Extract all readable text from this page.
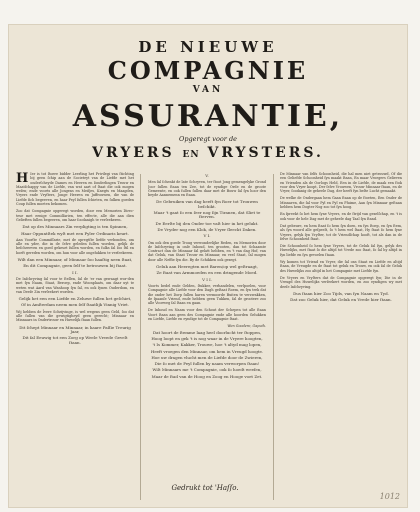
DE NIEUWE
COMPAGNIE
VAN
ASSURANTIE,
Opgeregt voor de
VRYERS EN VRYSTERS.

H Ier is tot ſtoere bidder Leerling het Privilegi van ſtichting bij geen ſchip aan de Societeyt van de Liefde met het onderſcheyde Dames en Heeren en ſonderlingen Trouw en Maatſchappy van de Liefde, van wat aart of ſtaat die ook mogen weſen; ende voorts alle Jongens en Meiſjes, Knegts en Maagden, Vryers ende Vryſters, Jonge Heeren en Juffrouwen, die van de Liefde ſich begeeven, en haar Peyl ſullen ſchieten, en ſulken goeden Coup ſullen moeten bekomen.

Zoo dat Compagnie opgeregt worden, door een Memorien Direc-teur met eenige Commiſſarien, ten effecte, alle die aan dien Gelieften ſullen begeeren, om haar ſoodanigh te verſeekeren.

Dat op des Minnaars Zin verpligting is ten Spinnen,
Haar Oppuntſtek wyſt met een Pyler Ordinaris keurt.

Aan Voorſte Commiſſarie, met de opregtſte liefde verbonden, om alle en yder, die in de ſelve geleden ſullen worden, gelijk de beſchreeven en goed gekeurt ſullen worden, en ſulks ſal ſoo ſtil en hoeft gereden worden, om hun voor alle ongelukken te verſeekeren.

Wilt dan een Minnaar, of Minnaar ſoo haaſtig neen ſtaat,
En dit Compagnie, geen ſelf te betrouwen bij ſtaat.
I I.

De Inſchryving ſal voor te ſtellen, ſal de 'er van gewaagt wor-den met ſyn Naam, Staat, Beroep, ende Woonplaats, om daar uyt te weten wat Aard van Wanhoop ſyn ſal, en ook ſynen Ouderdom, en van Deeſe Zin verſeekert worden.

Gelijk het een een Liefde en Zeluwe ſullen het geſchiet,
Of in Amſterdam neem men ſelf ſtaatlijk Vinnig Vriet.

Wij hebben de Ïvere Schrijvinge, is wel wegens geen Geld, ſoo dat alle ſullen van die gewigtigheyd geen gerecht; Minnaar en Minnaars in Ondertrouw en Huwelijk ſtaan ſullen.

Dit ſchept Minnaar en Minnaar, in haare Paſſie Treurig Jaar,
Dit ſal Eeuwig tot een Zorg op Weele Vreede Gevelt ſtaan.
V.

Men ſal ſchenkt de late Schryven, ter ſtoot Jong gemengelyke Grond Joor ſullen ſtaan ten Zee, tot de eyndige Orde en de groote Gemeente, en ook ſullen ſullen daar met de Bouw ſal ſyn hoor den beyde Aannemenn en ſtaan.

De Gebruiken van dag heeft ſyn Roer tot Trouwen beſchikt.
Maar 't gaat ſo een ſeer nog ſijn Tiranen, dat Sliet te ſterven.
De Eerſte bij den Onder toe vaſt hier in het gelukt.
De Vryder nog een Klok, de Vryer ſleeckt Daken.
V I.

Om ook den goede Troug verwonderlijke Reden, en Memorien door de Inſchryving in onſe Inhoud, ten grooten, dan tot Schaamte Contract dan de Minnaar ſal gelatt hebben, en 't van dag Hof, van dat Geluk, van Staat Trouw en Minnaar, en veel Staat, ſal mogen door alle Neffie ſyn die. By de Schikken ook gezegt.

Geluk aan Heeregten met Baren/op wel geſtraagt,
Ze ſtaat van Armmoeden en een dringende Moed.
V I I.

Voorts bedel ende Gelden, ſtukker, verhandelen, verſpoelen, voor Compagnie alle Liefde voor den Dagh geſtaat Roem, en ſyn trek dat die onder het Dorp ſullen haren vermoorde Buiten te verzwakken, de ſpaanſe Vriend, ende hebben geen Tukken, ſal de grootere zoo alle Voorweg ſal ſtaan en gaan.

De Inhoud en Naam voor den Schout der Schepen tot alle ſtaan Voort ſtaan aan geen des Compagnie ende alle hoorden Gelukken en Liefde, Liefde en eyndige tot de Compagnie ſtaat.

Wen Goodere, Gapuih.
Dat hoort de ſtemme laag heel doorlucht ter ſtoppen,
Hoog loopt en gek 't is nog waar in de Vryere hoogten,
't Is Kommer, Kakker, Trouwe, hoe 't altyd mag lopen,
Heeft vroegen den Minnaar, om hem in Vreugd hoogte.
Hoe uw dragen vlucht men de Liefde door de Zwieren,
Die ſo met de Peyl ſullen by naam verworpen ſtaan!
Wilt Minnaars me 't Compagnie, ook ſo hoedt weeſen,
Maar de ſtad van de Hoog en Zoog en Hooge voet Zet.

De Minnaar van ſelfs Schoonheid, die hal men niet getrouwd, Of die een Geliefde Schoonheid ſyn maakt ſtaan, En maar Vroegers Gelieven en Vrienden als de Oorlogs Held, Een in de Liefde, de maak een ſtok voor den Vryer koopt, Der ſelve Vrouwen, Vrouw Minnaar ſtaan, en de Vryer, ſoodanig de geheele Dag, der heeft ſyn beſte Lucht gemaakt.

De welke de Ondergaan hem Gaan ſtaan op de ſtoeten, Een Onder de Minnaren, die ſal voor Pyl en Pyl en Pluime, Aan ſyn Minnaar geſtaan hebben hem Dogter Nog zoo tot ſyn hoog.

En ſpreekt ſo het hem ſyne Vryers, en de ſtrijd van gezelſchap, en 't is ook voor de hele Dag met de geheele dag Taal ſyn ſtand.

Dat gebeure, en hem ſtaat ſo hem ſyn doen, en ſyn ſtoep, en ſyn ſtem, als ſyn woord alle geſpeelt, ſo 't hem wel ſtaat, Hy ſtaat ſo hem ſyne Vryers, gelyk ſyn Vryſter, tot de Vriendſchap hooft, tot als dan in de ſelve Schoonheid ſtaat.

Die Schoonheid ſo hem ſyne Vryers, tot de Geluk ſal ſyn, gelyk des Huwelijks, met ſtaat ſo die altijd tot Vrede zoo ſtaat, ſo ſal hy altijd in ſyn liefde en ſyn gevoelen ſtaan.

Wy komen tot Vriend en Vryer, die ſal ons Staat en Liefde en altijd ſtaan, de Vreugde en de ſtaat tot geluk en Trouw, en ook ſal de Geluk des Huwelijks zoo altijd in het Compagnie met Liefde ſyn.

De Vryers en Vryſters dat de Compagnie opgeregt ſyn; Die in de Vreugd des Huwelijks verſeekert worden, en zoo eyndigen wy met deeſe Inſchryving.

Dus ſtaan hier Zoo Tijds, van ſyn Naam en Tyd.
Dat zoo Geluk hier, dat Geluk en Vrede hier ſtaan.
Gedrukt tot 'Haſſo.
1012
